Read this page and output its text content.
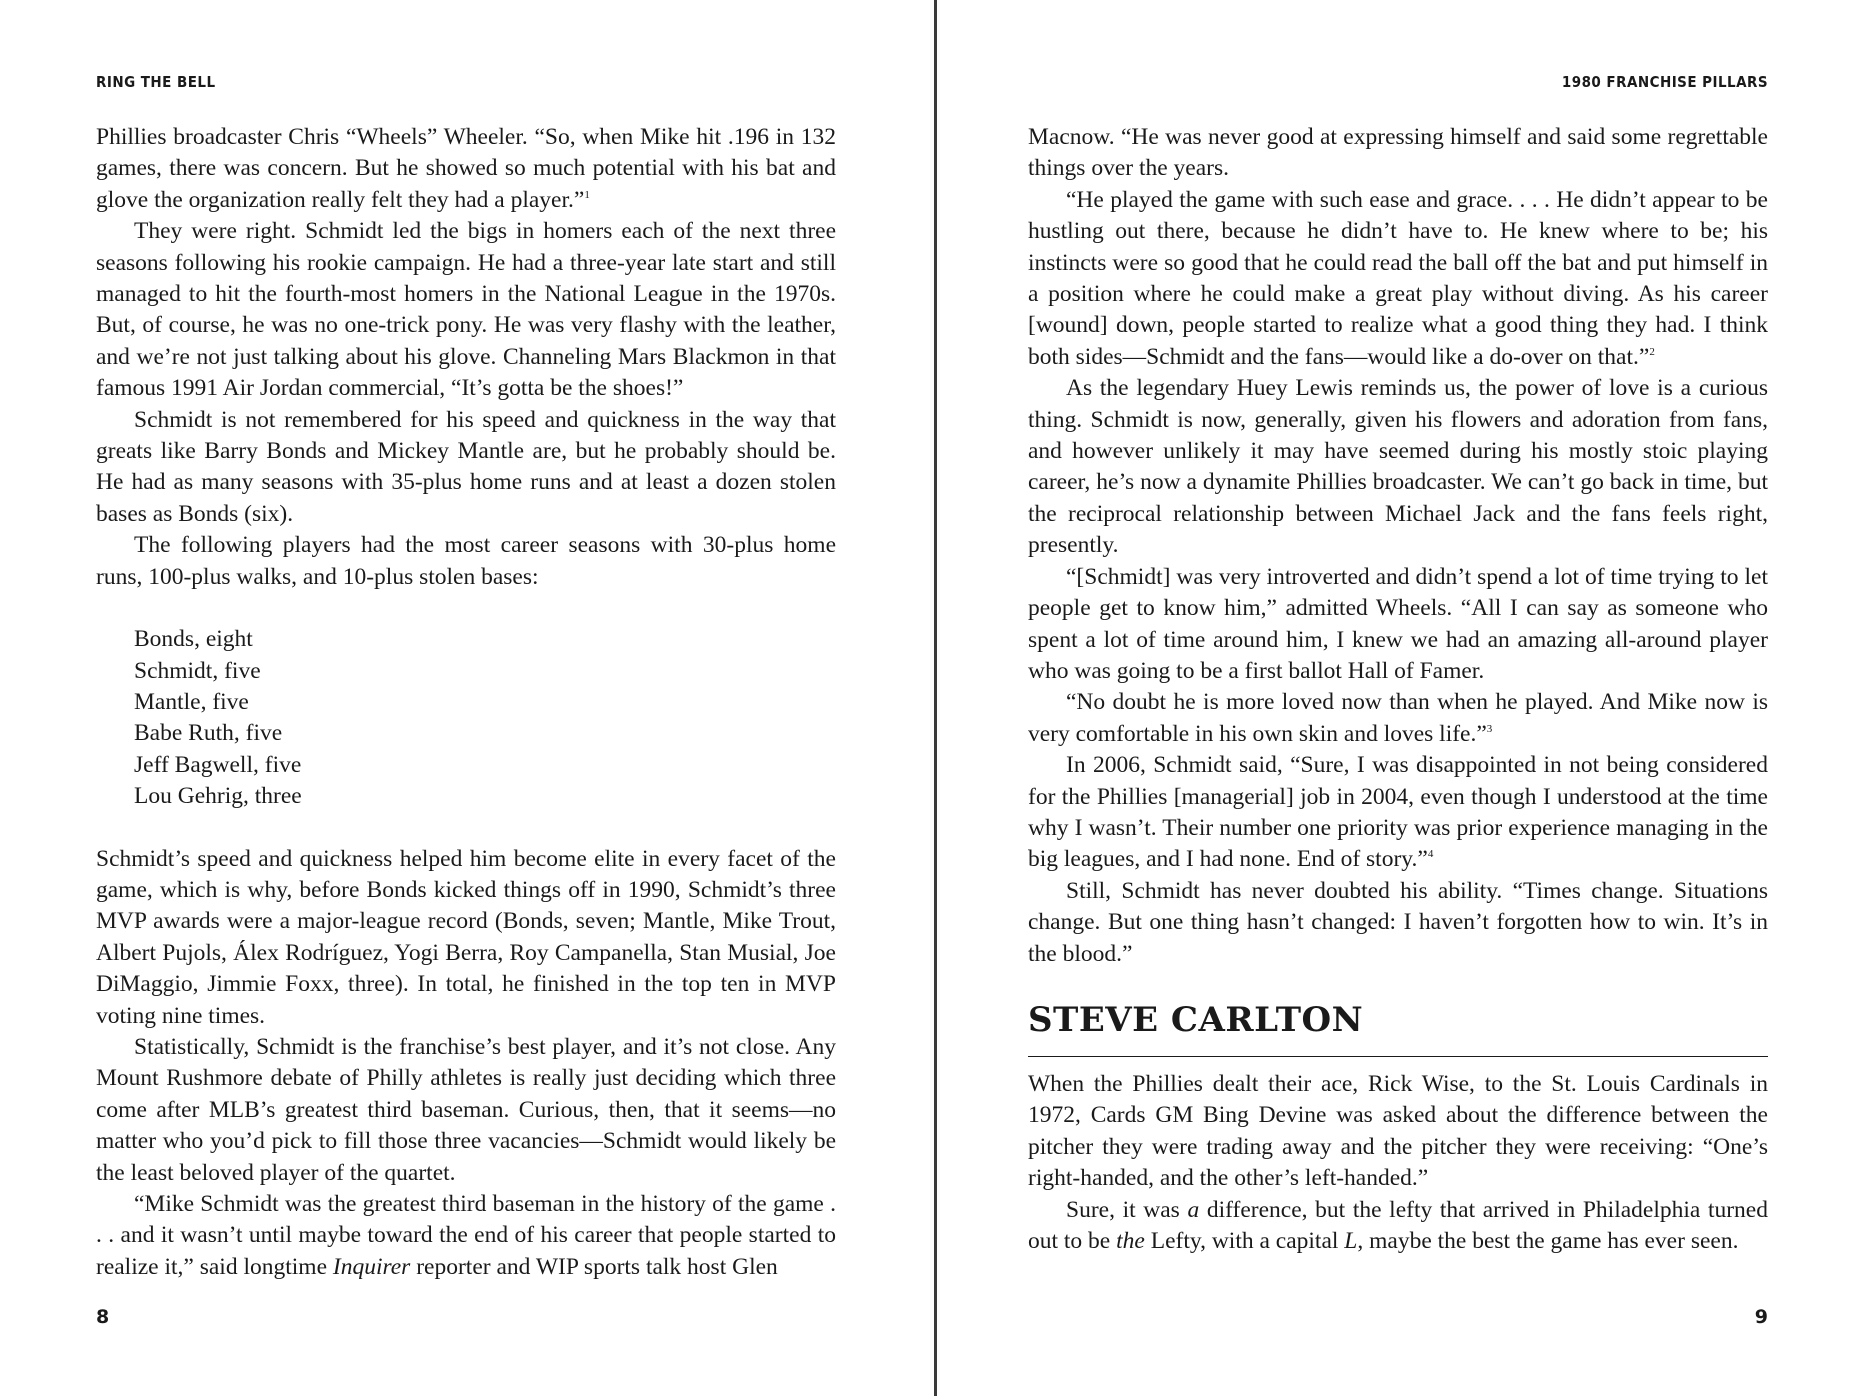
RING THE BELL

Phillies broadcaster Chris “Wheels” Wheeler. “So, when Mike hit .196 in 132 games, there was concern. But he showed so much potential with his bat and glove the organization really felt they had a player.”$^1$

They were right. Schmidt led the bigs in homers each of the next three seasons following his rookie campaign. He had a three-year late start and still managed to hit the fourth-most homers in the National League in the 1970s. But, of course, he was no one-trick pony. He was very flashy with the leather, and we’re not just talking about his glove. Channeling Mars Blackmon in that famous 1991 Air Jordan commercial, “It’s gotta be the shoes!”

Schmidt is not remembered for his speed and quickness in the way that greats like Barry Bonds and Mickey Mantle are, but he probably should be. He had as many seasons with 35-plus home runs and at least a dozen stolen bases as Bonds (six).

The following players had the most career seasons with 30-plus home runs, 100-plus walks, and 10-plus stolen bases:

Bonds, eight
Schmidt, five
Mantle, five
Babe Ruth, five
Jeff Bagwell, five
Lou Gehrig, three

Schmidt’s speed and quickness helped him become elite in every facet of the game, which is why, before Bonds kicked things off in 1990, Schmidt’s three MVP awards were a major-league record (Bonds, seven; Mantle, Mike Trout, Albert Pujols, Álex Rodríguez, Yogi Berra, Roy Campanella, Stan Musial, Joe DiMaggio, Jimmie Foxx, three). In total, he finished in the top ten in MVP voting nine times.

Statistically, Schmidt is the franchise’s best player, and it’s not close. Any Mount Rushmore debate of Philly athletes is really just deciding which three come after MLB’s greatest third baseman. Curious, then, that it seems—no matter who you’d pick to fill those three vacancies—Schmidt would likely be the least beloved player of the quartet.

“Mike Schmidt was the greatest third baseman in the history of the game . . . and it wasn’t until maybe toward the end of his career that people started to realize it,” said longtime Inquirer reporter and WIP sports talk host Glen

8
1980 FRANCHISE PILLARS

Macnow. “He was never good at expressing himself and said some regrettable things over the years.

“He played the game with such ease and grace. . . . He didn’t appear to be hustling out there, because he didn’t have to. He knew where to be; his instincts were so good that he could read the ball off the bat and put himself in a position where he could make a great play without diving. As his career [wound] down, people started to realize what a good thing they had. I think both sides—Schmidt and the fans—would like a do-over on that.”$^2$

As the legendary Huey Lewis reminds us, the power of love is a curious thing. Schmidt is now, generally, given his flowers and adoration from fans, and however unlikely it may have seemed during his mostly stoic playing career, he’s now a dynamite Phillies broadcaster. We can’t go back in time, but the reciprocal relationship between Michael Jack and the fans feels right, presently.

“[Schmidt] was very introverted and didn’t spend a lot of time trying to let people get to know him,” admitted Wheels. “All I can say as someone who spent a lot of time around him, I knew we had an amazing all-around player who was going to be a first ballot Hall of Famer.

“No doubt he is more loved now than when he played. And Mike now is very comfortable in his own skin and loves life.”$^3$

In 2006, Schmidt said, “Sure, I was disappointed in not being considered for the Phillies [managerial] job in 2004, even though I understood at the time why I wasn’t. Their number one priority was prior experience managing in the big leagues, and I had none. End of story.”$^4$

Still, Schmidt has never doubted his ability. “Times change. Situations change. But one thing hasn’t changed: I haven’t forgotten how to win. It’s in the blood.”

STEVE CARLTON

When the Phillies dealt their ace, Rick Wise, to the St. Louis Cardinals in 1972, Cards GM Bing Devine was asked about the difference between the pitcher they were trading away and the pitcher they were receiving: “One’s right-handed, and the other’s left-handed.”

Sure, it was a difference, but the lefty that arrived in Philadelphia turned out to be the Lefty, with a capital L, maybe the best the game has ever seen.

9
